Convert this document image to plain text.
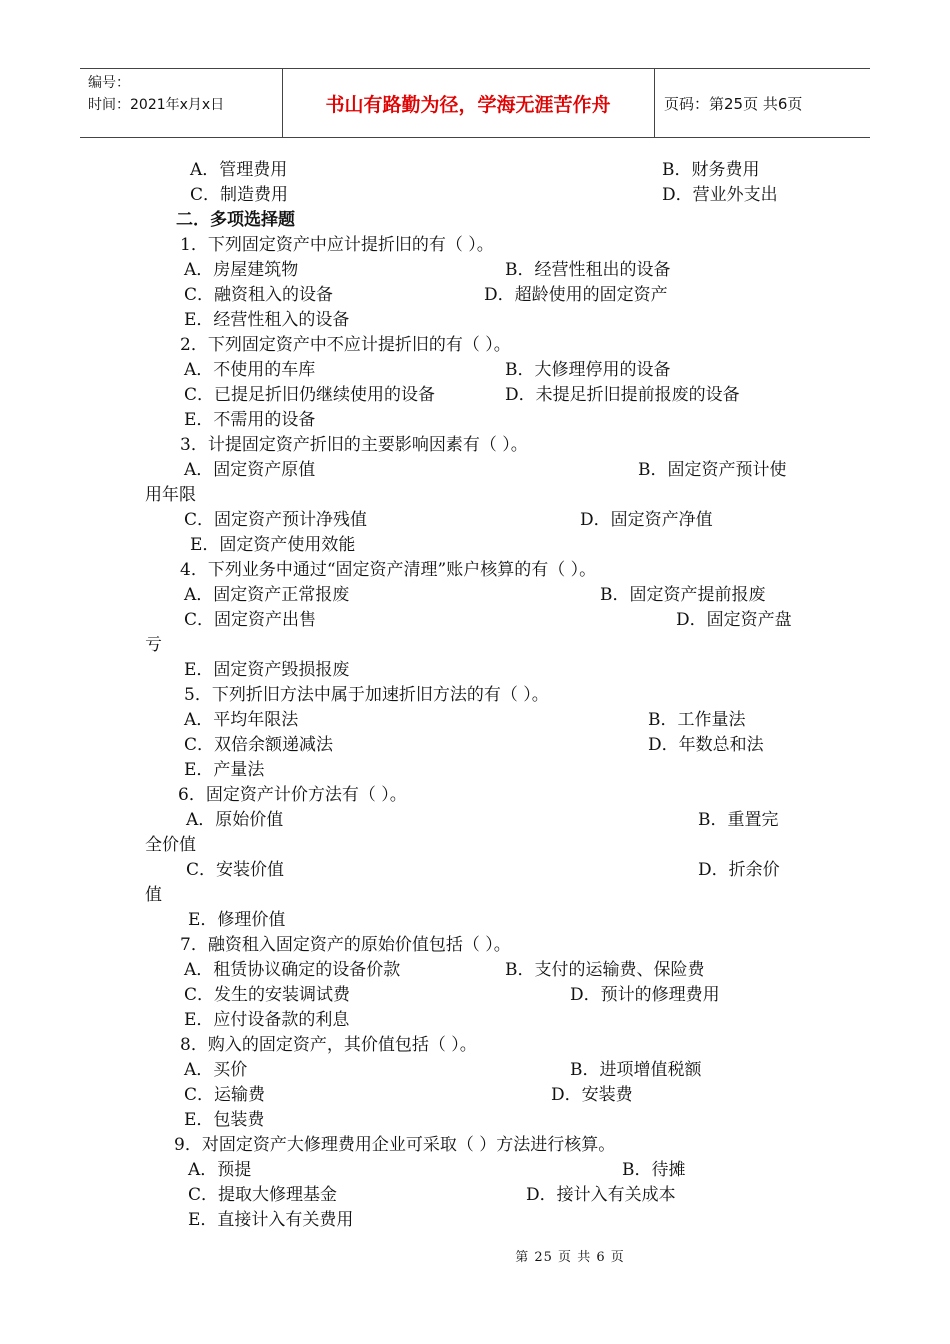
编号：
时间：2021年x月x日	书山有路勤为径，学海无涯苦作舟	页码：第25页 共6页
A．管理费用	B．财务费用
C．制造费用	D．营业外支出
二．多项选择题
1．下列固定资产中应计提折旧的有（ ）。
A．房屋建筑物	B．经营性租出的设备
C．融资租入的设备	D．超龄使用的固定资产
E．经营性租入的设备
2．下列固定资产中不应计提折旧的有（ ）。
A．不使用的车库	B．大修理停用的设备
C．已提足折旧仍继续使用的设备	D．未提足折旧提前报废的设备
E．不需用的设备
3．计提固定资产折旧的主要影响因素有（ ）。
A．固定资产原值	B．固定资产预计使
用年限
C．固定资产预计净残值	D．固定资产净值
E．固定资产使用效能
4．下列业务中通过“固定资产清理”账户核算的有（ ）。
A．固定资产正常报废	B．固定资产提前报废
C．固定资产出售	D．固定资产盘
亏
E．固定资产毁损报废
5．下列折旧方法中属于加速折旧方法的有（ ）。
A．平均年限法	B．工作量法
C．双倍余额递减法	D．年数总和法
E．产量法
6．固定资产计价方法有（ ）。
A．原始价值	B．重置完
全价值
C．安装价值	D．折余价
值
E．修理价值
7．融资租入固定资产的原始价值包括（ ）。
A．租赁协议确定的设备价款	B．支付的运输费、保险费
C．发生的安装调试费	D．预计的修理费用
E．应付设备款的利息
8．购入的固定资产，其价值包括（ ）。
A．买价	B．进项增值税额
C．运输费	D．安装费
E．包装费
9．对固定资产大修理费用企业可采取（ ）方法进行核算。
A．预提	B．待摊
C．提取大修理基金	D．接计入有关成本
E．直接计入有关费用
第 25 页 共 6 页
